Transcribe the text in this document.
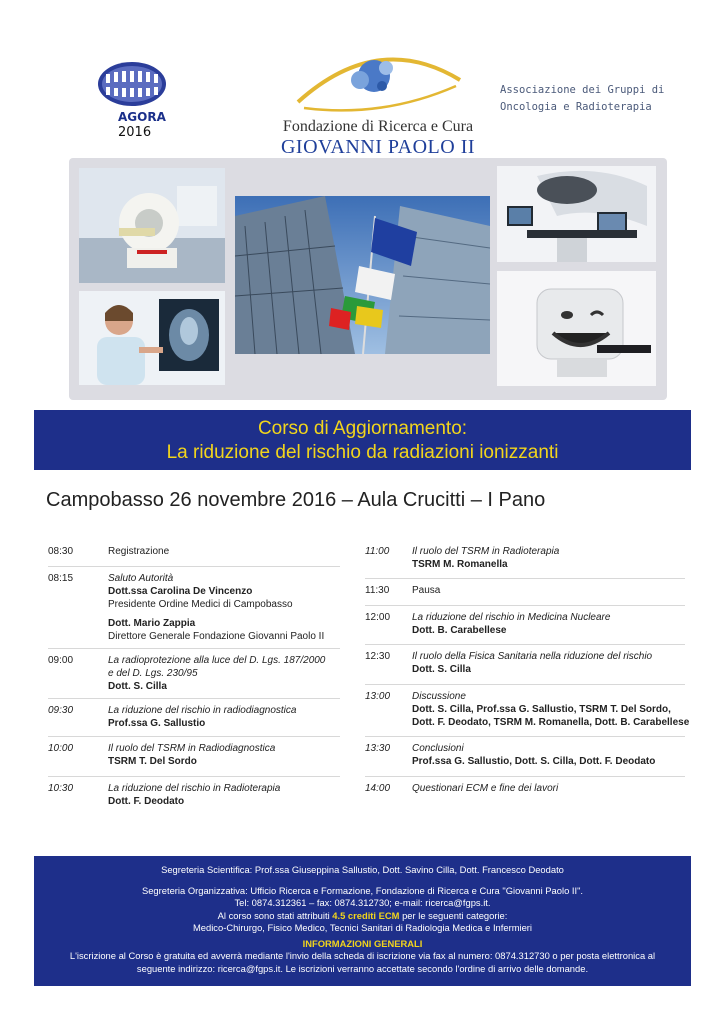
AGORA
2016	Fondazione di Ricerca e Cura
GIOVANNI PAOLO II
Associazione dei Gruppi di
Oncologia e Radioterapia
Corso di Aggiornamento:
La riduzione del rischio da radiazioni ionizzanti
Campobasso 26 novembre 2016 – Aula Crucitti – I Pano
08:30	Registrazione
08:15	Saluto Autorità
Dott.ssa Carolina De Vincenzo
Presidente Ordine Medici di Campobasso
Dott. Mario Zappia
Direttore Generale Fondazione Giovanni Paolo II
09:00	La radioprotezione alla luce del D. Lgs. 187/2000
e del D. Lgs. 230/95
Dott. S. Cilla
09:30	La riduzione del rischio in radiodiagnostica
Prof.ssa G. Sallustio
10:00	Il ruolo del TSRM in Radiodiagnostica
TSRM T. Del Sordo
10:30	La riduzione del rischio in Radioterapia
Dott. F. Deodato
11:00	Il ruolo del TSRM in Radioterapia
TSRM M. Romanella
11:30	Pausa
12:00	La riduzione del rischio in Medicina Nucleare
Dott. B. Carabellese
12:30	Il ruolo della Fisica Sanitaria nella riduzione del rischio
Dott. S. Cilla
13:00	Discussione
Dott. S. Cilla, Prof.ssa G. Sallustio, TSRM T. Del Sordo,
Dott. F. Deodato, TSRM M. Romanella, Dott. B. Carabellese
13:30	Conclusioni
Prof.ssa G. Sallustio, Dott. S. Cilla, Dott. F. Deodato
14:00	Questionari ECM e fine dei lavori
Segreteria Scientifica: Prof.ssa Giuseppina Sallustio, Dott. Savino Cilla, Dott. Francesco Deodato
Segreteria Organizzativa: Ufficio Ricerca e Formazione, Fondazione di Ricerca e Cura "Giovanni Paolo II".
Tel: 0874.312361 – fax: 0874.312730; e-mail: ricerca@fgps.it.
Al corso sono stati attribuiti 4.5 crediti ECM per le seguenti categorie:
Medico-Chirurgo, Fisico Medico, Tecnici Sanitari di Radiologia Medica e Infermieri
INFORMAZIONI GENERALI
L'iscrizione al Corso è gratuita ed avverrà mediante l'invio della scheda di iscrizione via fax al numero: 0874.312730 o per posta elettronica al
seguente indirizzo: ricerca@fgps.it. Le iscrizioni verranno accettate secondo l'ordine di arrivo delle domande.
